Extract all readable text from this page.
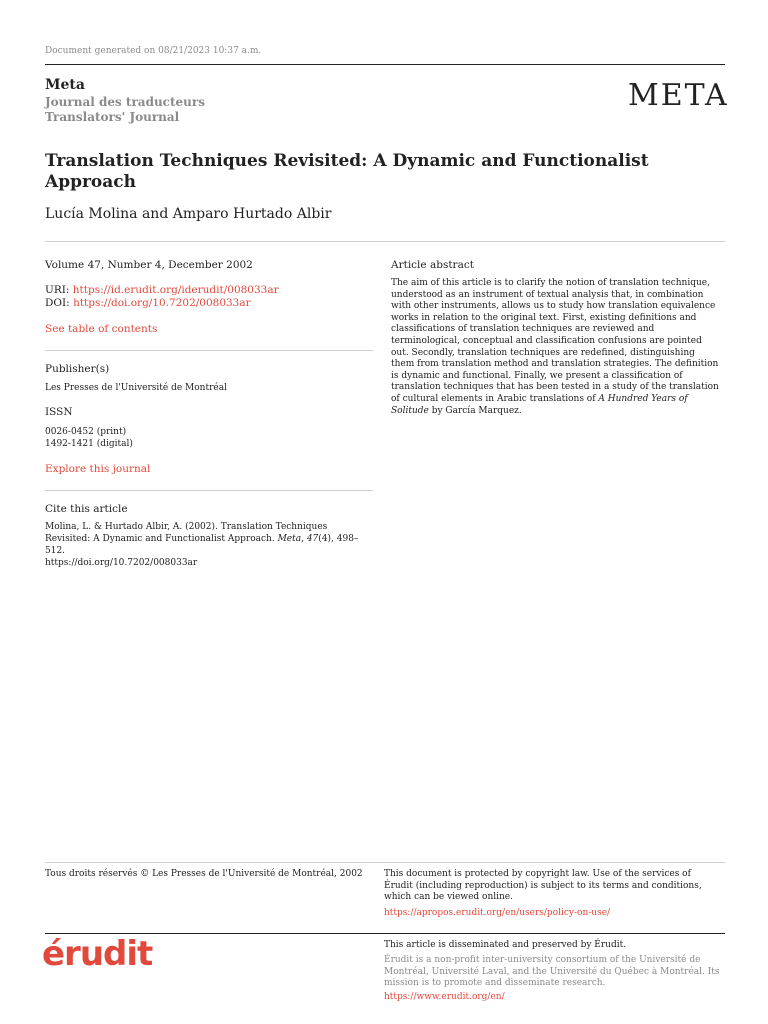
Document generated on 08/21/2023 10:37 a.m.
Meta
Journal des traducteurs
Translators' Journal
MΕTA
Translation Techniques Revisited: A Dynamic and Functionalist Approach
Lucía Molina and Amparo Hurtado Albir
Volume 47, Number 4, December 2002
URI: https://id.erudit.org/iderudit/008033ar
DOI: https://doi.org/10.7202/008033ar
See table of contents
Publisher(s)
Les Presses de l'Université de Montréal
ISSN
0026-0452 (print)
1492-1421 (digital)
Explore this journal
Cite this article
Molina, L. & Hurtado Albir, A. (2002). Translation Techniques Revisited: A Dynamic and Functionalist Approach. Meta, 47(4), 498–512.
https://doi.org/10.7202/008033ar
Article abstract
The aim of this article is to clarify the notion of translation technique, understood as an instrument of textual analysis that, in combination with other instruments, allows us to study how translation equivalence works in relation to the original text. First, existing definitions and classifications of translation techniques are reviewed and terminological, conceptual and classification confusions are pointed out. Secondly, translation techniques are redefined, distinguishing them from translation method and translation strategies. The definition is dynamic and functional. Finally, we present a classification of translation techniques that has been tested in a study of the translation of cultural elements in Arabic translations of A Hundred Years of Solitude by García Marquez.
Tous droits réservés © Les Presses de l'Université de Montréal, 2002 This document is protected by copyright law. Use of the services of Érudit (including reproduction) is subject to its terms and conditions, which can be viewed online.

https://apropos.erudit.org/en/users/policy-on-use/

érudit	This article is disseminated and preserved by Érudit.
Érudit is a non-profit inter-university consortium of the Université de Montréal, Université Laval, and the Université du Québec à Montréal. Its mission is to promote and disseminate research.
https://www.erudit.org/en/
